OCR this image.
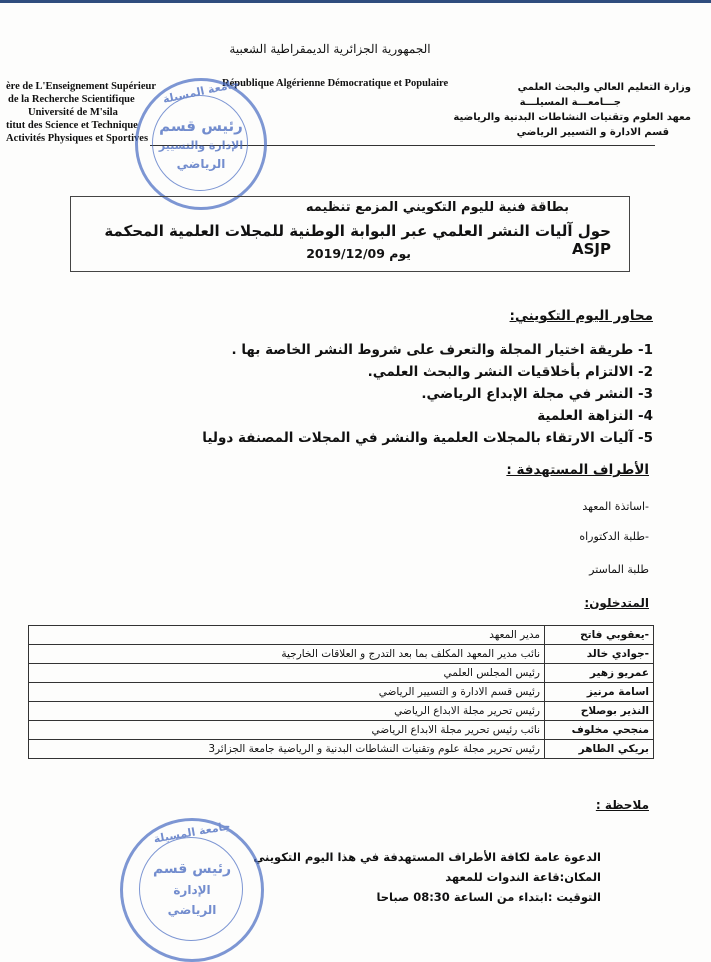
الجمهورية الجزائرية الديمقراطية الشعبية
ère de L'Enseignement Supérieur
de la Recherche Scientifique
Université de M'sila
titut des Science et Technique
Activités Physiques et Sportives
République Algérienne Démocratique et Populaire	وزارة التعليم العالي والبحث العلمي
جـــامعـــة المسيلـــة
معهد العلوم وتقنيات النشاطات البدنية والرياضية
قسم الادارة و التسيير الرياضي
جامعة المسيلة
رئيس قسم
الإدارة والتسيير
الرياضي
بطاقة فنية لليوم التكويني المزمع تنظيمه
حول آليات النشر العلمي عبر البوابة الوطنية للمجلات العلمية المحكمة ASJP
يوم 2019/12/09
محاور اليوم التكويني:
1- طريقة اختيار المجلة والتعرف على شروط النشر الخاصة بها .
2- الالتزام بأخلاقيات النشر والبحث العلمي.
3- النشر في مجلة الإبداع الرياضي.
4- النزاهة العلمية
5- آليات الارتقاء بالمجلات العلمية والنشر في المجلات المصنفة دوليا
الأطراف المستهدفة :
-اساتذة المعهد
-طلبة الدكتوراه
طلبة الماستر
المتدخلون:
-يعقوبي فاتح	مدير المعهد
-جوادي خالد	نائب مدير المعهد المكلف بما بعد التدرج و العلاقات الخارجية
عمريو زهير	رئيس المجلس العلمي
اسامة مرنيز	رئيس قسم الادارة و التسيير الرياضي
النذير بوصلاح	رئيس تحرير مجلة الابداع الرياضي
منجحي مخلوف	نائب رئيس تحرير مجلة الابداع الرياضي
بريكي الطاهر	رئيس تحرير مجلة علوم وتقنيات النشاطات البدنية و الرياضية جامعة الجزائر3
ملاحظة :
الدعوة عامة لكافة الأطراف المستهدفة في هذا اليوم التكويني
المكان:قاعة الندوات للمعهد
التوقيت :ابتداء من الساعة 08:30 صباحا
جامعة المسيلة
رئيس قسم
الإدارة
الرياضي
